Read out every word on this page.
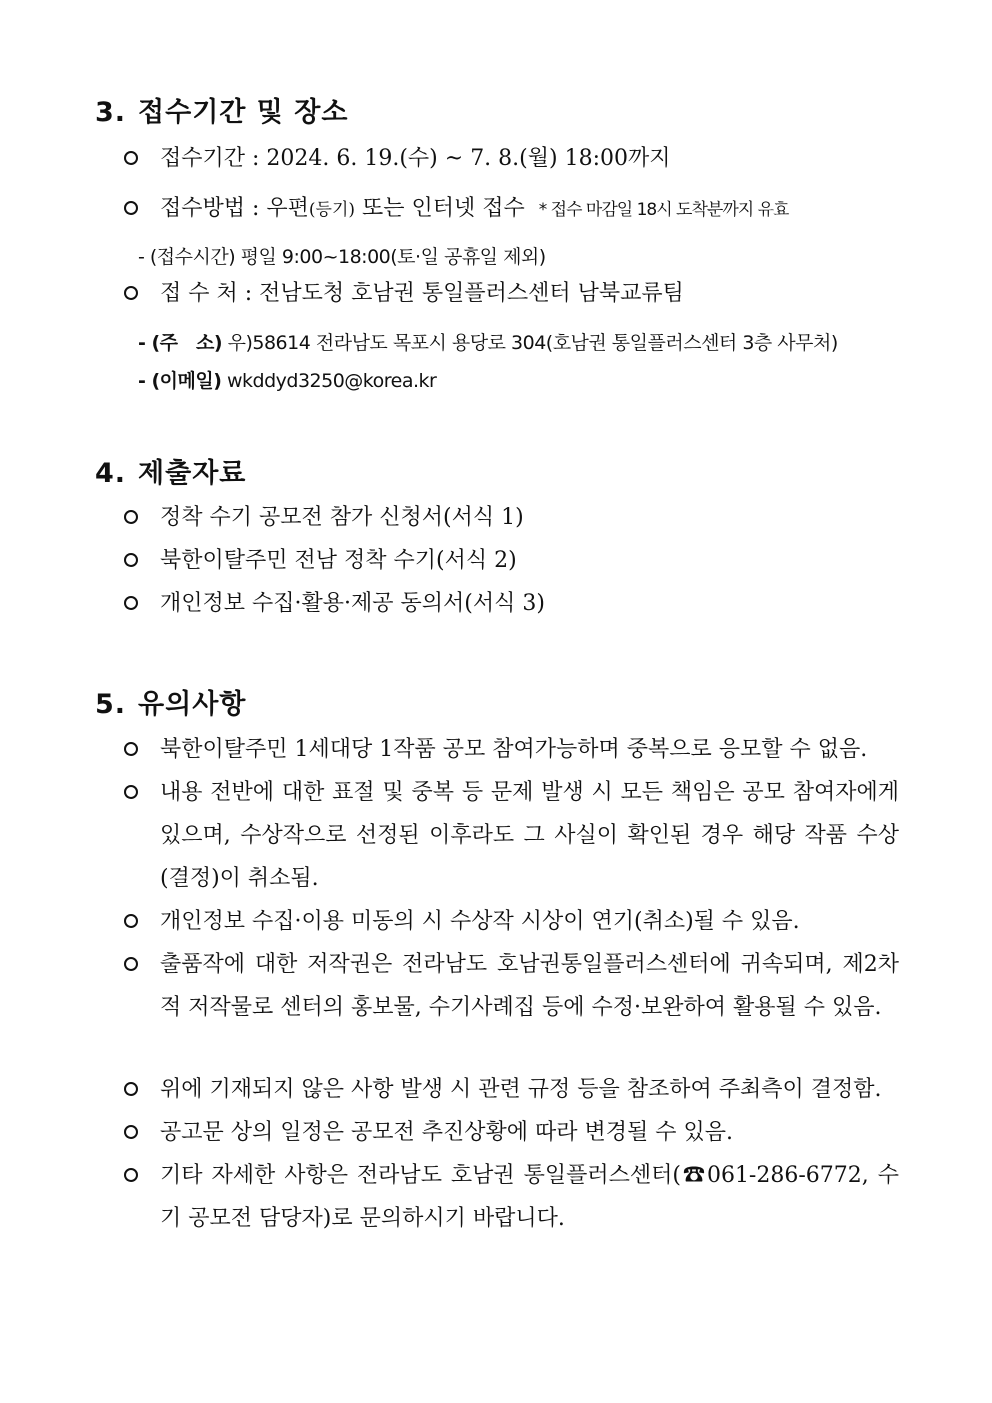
3. 접수기간 및 장소
접수기간 : 2024. 6. 19.(수) ~ 7. 8.(월) 18:00까지
접수방법 : 우편(등기) 또는 인터넷 접수 * 접수 마감일 18시 도착분까지 유효
- (접수시간) 평일 9:00~18:00(토·일 공휴일 제외)
접 수 처 : 전남도청 호남권 통일플러스센터 남북교류팀
- (주　소) 우)58614 전라남도 목포시 용당로 304(호남권 통일플러스센터 3층 사무처)
- (이메일) wkddyd3250@korea.kr
4. 제출자료
정착 수기 공모전 참가 신청서(서식 1)
북한이탈주민 전남 정착 수기(서식 2)
개인정보 수집·활용·제공 동의서(서식 3)
5. 유의사항
북한이탈주민 1세대당 1작품 공모 참여가능하며 중복으로 응모할 수 없음.
내용 전반에 대한 표절 및 중복 등 문제 발생 시 모든 책임은 공모 참여자에게 있으며, 수상작으로 선정된 이후라도 그 사실이 확인된 경우 해당 작품 수상(결정)이 취소됨.
개인정보 수집·이용 미동의 시 수상작 시상이 연기(취소)될 수 있음.
출품작에 대한 저작권은 전라남도 호남권통일플러스센터에 귀속되며, 제2차적 저작물로 센터의 홍보물, 수기사례집 등에 수정·보완하여 활용될 수 있음.
위에 기재되지 않은 사항 발생 시 관련 규정 등을 참조하여 주최측이 결정함.
공고문 상의 일정은 공모전 추진상황에 따라 변경될 수 있음.
기타 자세한 사항은 전라남도 호남권 통일플러스센터(☎061-286-6772, 수기 공모전 담당자)로 문의하시기 바랍니다.
